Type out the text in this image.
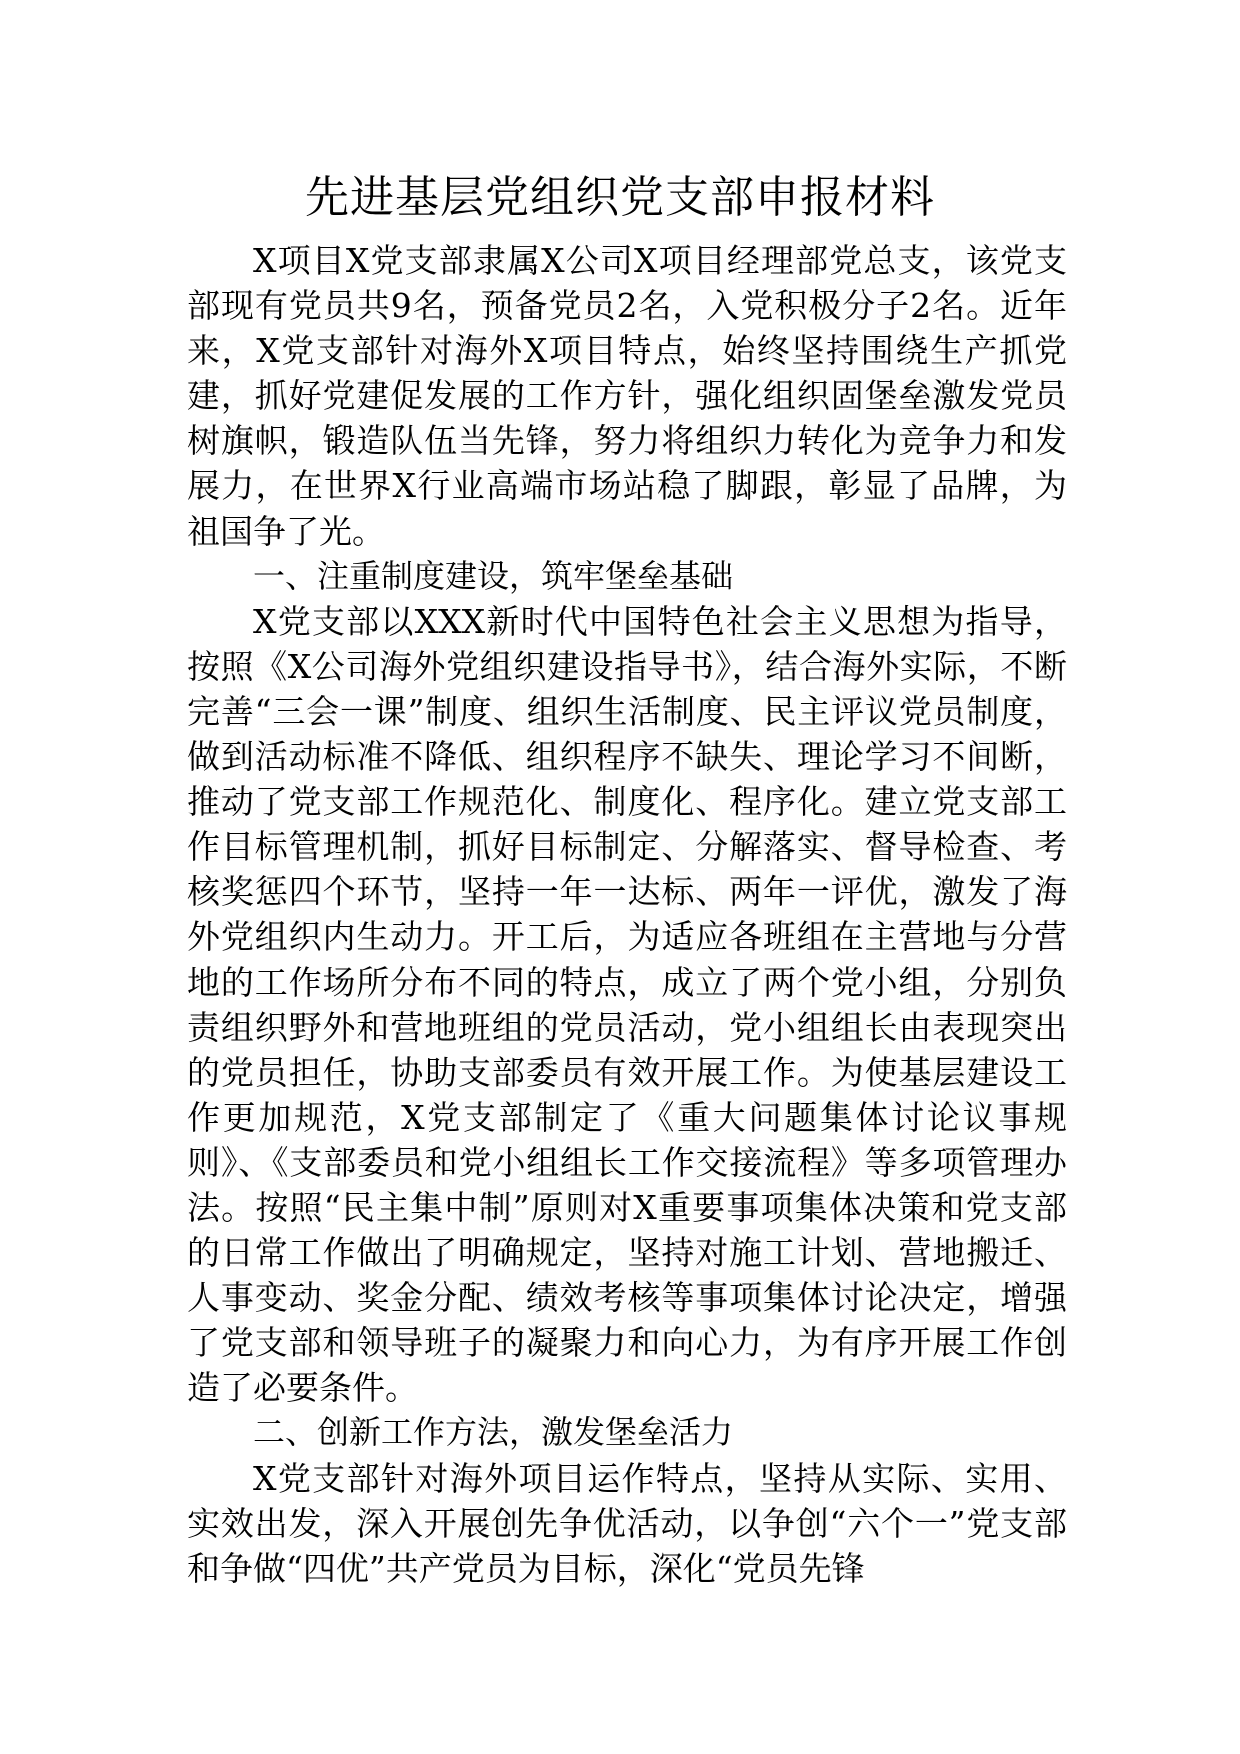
先进基层党组织党支部申报材料

X项目X党支部隶属X公司X项目经理部党总支，该党支部现有党员共9名，预备党员2名，入党积极分子2名。近年来，X党支部针对海外X项目特点，始终坚持围绕生产抓党建，抓好党建促发展的工作方针，强化组织固堡垒激发党员树旗帜，锻造队伍当先锋，努力将组织力转化为竞争力和发展力，在世界X行业高端市场站稳了脚跟，彰显了品牌，为祖国争了光。

一、注重制度建设，筑牢堡垒基础

X党支部以XXX新时代中国特色社会主义思想为指导，按照《X公司海外党组织建设指导书》，结合海外实际，不断完善“三会一课”制度、组织生活制度、民主评议党员制度，做到活动标准不降低、组织程序不缺失、理论学习不间断，推动了党支部工作规范化、制度化、程序化。建立党支部工作目标管理机制，抓好目标制定、分解落实、督导检查、考核奖惩四个环节，坚持一年一达标、两年一评优，激发了海外党组织内生动力。开工后，为适应各班组在主营地与分营地的工作场所分布不同的特点，成立了两个党小组，分别负责组织野外和营地班组的党员活动，党小组组长由表现突出的党员担任，协助支部委员有效开展工作。为使基层建设工作更加规范，X党支部制定了《重大问题集体讨论议事规则》、《支部委员和党小组组长工作交接流程》等多项管理办法。按照“民主集中制”原则对X重要事项集体决策和党支部的日常工作做出了明确规定，坚持对施工计划、营地搬迁、人事变动、奖金分配、绩效考核等事项集体讨论决定，增强了党支部和领导班子的凝聚力和向心力，为有序开展工作创造了必要条件。

二、创新工作方法，激发堡垒活力

X党支部针对海外项目运作特点，坚持从实际、实用、实效出发，深入开展创先争优活动，以争创“六个一”党支部和争做“四优”共产党员为目标，深化“党员先锋
